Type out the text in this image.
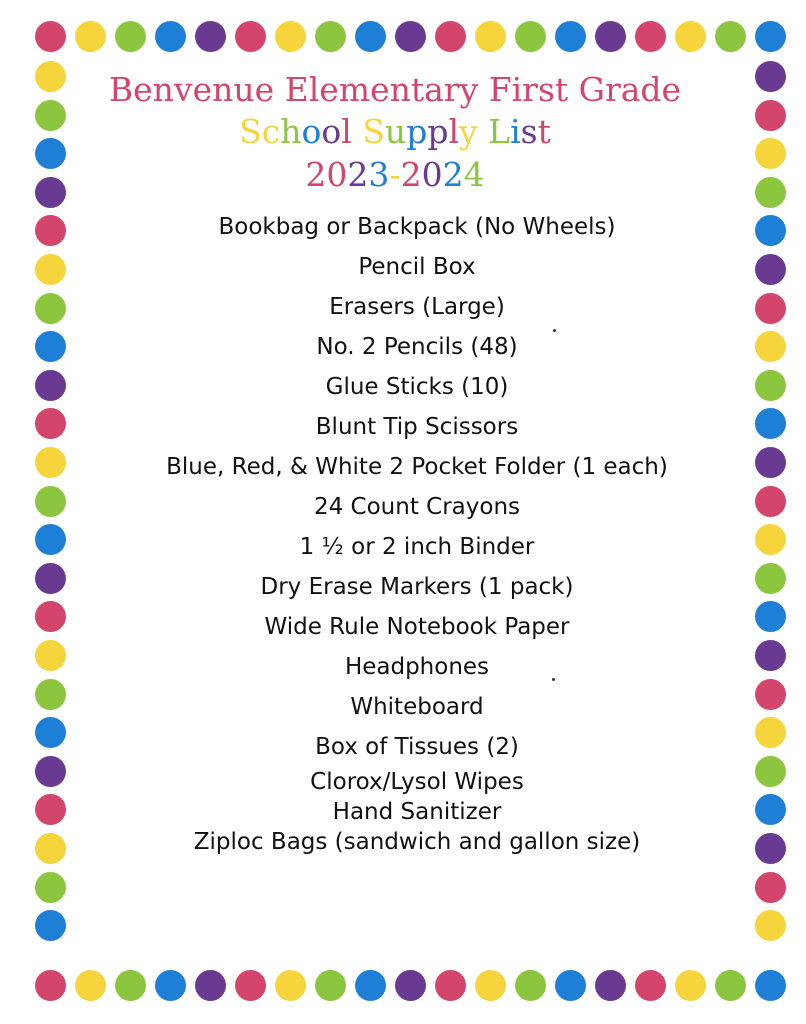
Benvenue Elementary First Grade
School Supply List
2023-2024
Bookbag or Backpack (No Wheels)
Pencil Box
Erasers (Large)
No. 2 Pencils (48)
Glue Sticks (10)
Blunt Tip Scissors
Blue, Red, & White 2 Pocket Folder (1 each)
24 Count Crayons
1 ½ or 2 inch Binder
Dry Erase Markers (1 pack)
Wide Rule Notebook Paper
Headphones
Whiteboard
Box of Tissues (2)
Clorox/Lysol Wipes
Hand Sanitizer
Ziploc Bags (sandwich and gallon size)
